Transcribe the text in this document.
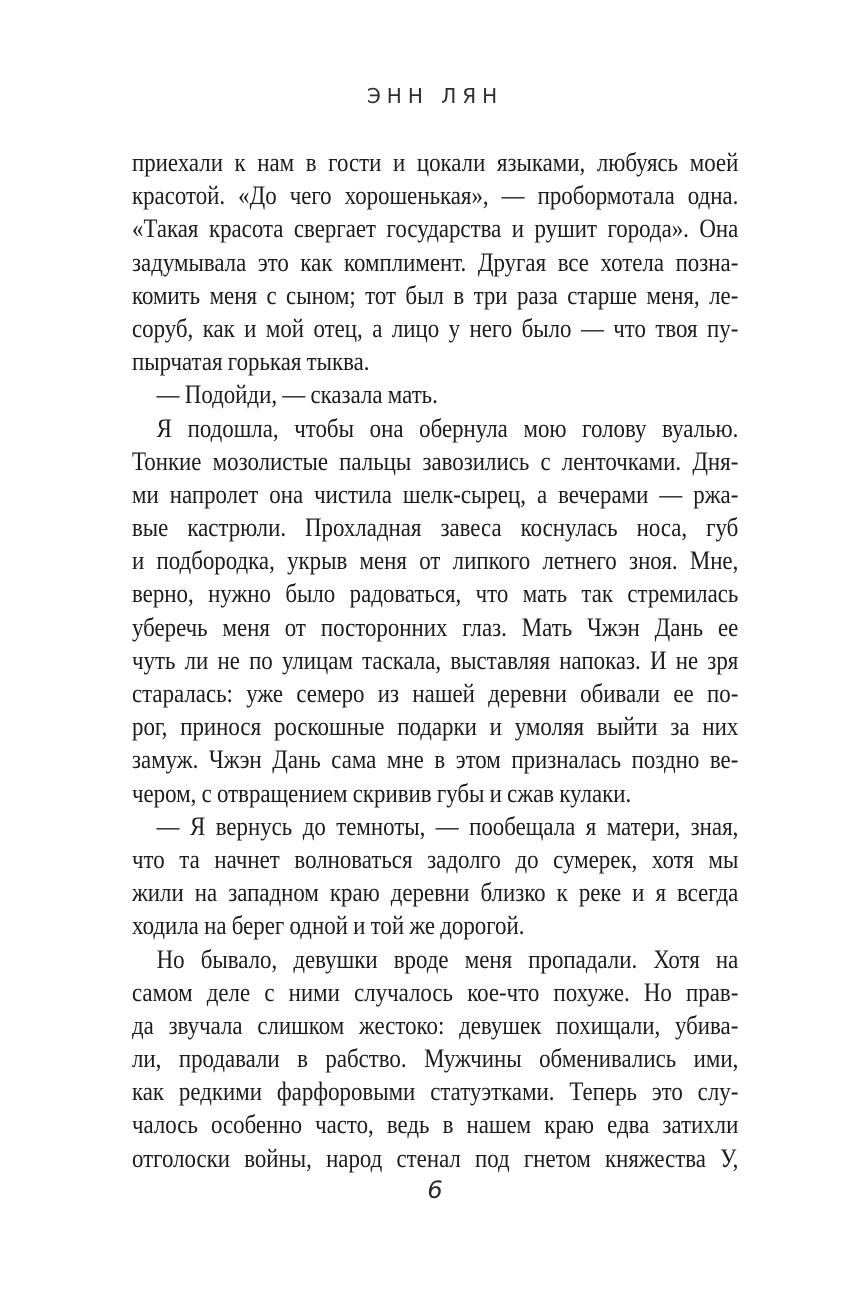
ЭНН ЛЯН
приехали к нам в гости и цокали языками, любуясь моей
красотой. «До чего хорошенькая», — пробормотала одна.
«Такая красота свергает государства и рушит города». Она
задумывала это как комплимент. Другая все хотела позна-
комить меня с сыном; тот был в три раза старше меня, ле-
соруб, как и мой отец, а лицо у него было — что твоя пу-
пырчатая горькая тыква.
— Подойди, — сказала мать.
Я подошла, чтобы она обернула мою голову вуалью.
Тонкие мозолистые пальцы завозились с ленточками. Дня-
ми напролет она чистила шелк-сырец, а вечерами — ржа-
вые кастрюли. Прохладная завеса коснулась носа, губ
и подбородка, укрыв меня от липкого летнего зноя. Мне,
верно, нужно было радоваться, что мать так стремилась
уберечь меня от посторонних глаз. Мать Чжэн Дань ее
чуть ли не по улицам таскала, выставляя напоказ. И не зря
старалась: уже семеро из нашей деревни обивали ее по-
рог, принося роскошные подарки и умоляя выйти за них
замуж. Чжэн Дань сама мне в этом призналась поздно ве-
чером, с отвращением скривив губы и сжав кулаки.
— Я вернусь до темноты, — пообещала я матери, зная,
что та начнет волноваться задолго до сумерек, хотя мы
жили на западном краю деревни близко к реке и я всегда
ходила на берег одной и той же дорогой.
Но бывало, девушки вроде меня пропадали. Хотя на
самом деле с ними случалось кое-что похуже. Но прав-
да звучала слишком жестоко: девушек похищали, убива-
ли, продавали в рабство. Мужчины обменивались ими,
как редкими фарфоровыми статуэтками. Теперь это слу-
чалось особенно часто, ведь в нашем краю едва затихли
отголоски войны, народ стенал под гнетом княжества У,
6
